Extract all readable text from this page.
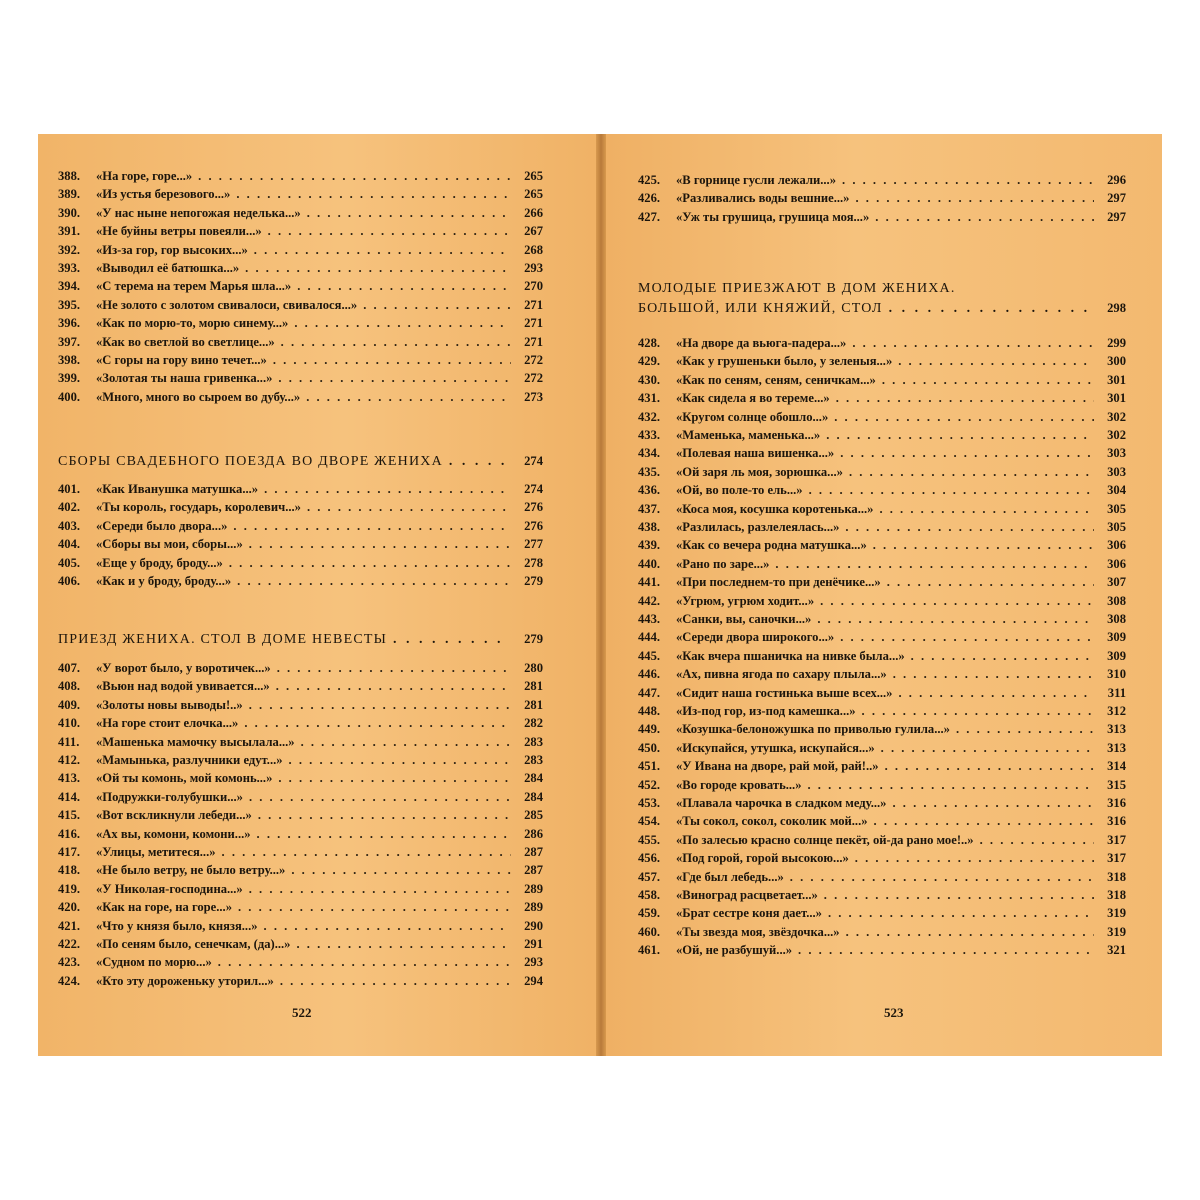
388.	«На горе, горе...» . . .	265
389.	«Из устья березового...» . . .	265
390.	«У нас ныне непогожая неделька...» . . .	266
391.	«Не буйны ветры повеяли...» . . .	267
392.	«Из-за гор, гор высоких...» . . .	268
393.	«Выводил её батюшка...» . . .	293
394.	«С терема на терем Марья шла...» . . .	270
395.	«Не золото с золотом свивалоси, свивалося...» . . .	271
396.	«Как по морю-то, морю синему...» . . .	271
397.	«Как во светлой во светлице...» . . .	271
398.	«С горы на гору вино течет...» . . .	272
399.	«Золотая ты наша гривенка...» . . .	272
400.	«Много, много во сыроем во дубу...» . . .	273
СБОРЫ СВАДЕБНОГО ПОЕЗДА ВО ДВОРЕ ЖЕНИХА . . .	274
401.	«Как Иванушка матушка...» . . .	274
402.	«Ты король, государь, королевич...» . . .	276
403.	«Середи было двора...» . . .	276
404.	«Сборы вы мои, сборы...» . . .	277
405.	«Еще у броду, броду...» . . .	278
406.	«Как и у броду, броду...» . . .	279
ПРИЕЗД ЖЕНИХА. СТОЛ В ДОМЕ НЕВЕСТЫ . . .	279
407.	«У ворот было, у воротичек...» . . .	280
408.	«Вьюн над водой увивается...» . . .	281
409.	«Золоты новы выводы!..» . . .	281
410.	«На горе стоит елочка...» . . .	282
411.	«Машенька мамочку высылала...» . . .	283
412.	«Мамынька, разлучники едут...» . . .	283
413.	«Ой ты комонь, мой комонь...» . . .	284
414.	«Подружки-голубушки...» . . .	284
415.	«Вот вскликнули лебеди...» . . .	285
416.	«Ах вы, комони, комони...» . . .	286
417.	«Улицы, метитеся...» . . .	287
418.	«Не было ветру, не было ветру...» . . .	287
419.	«У Николая-господина...» . . .	289
420.	«Как на горе, на горе...» . . .	289
421.	«Что у князя было, князя...» . . .	290
422.	«По сеням было, сенечкам, (да)...» . . .	291
423.	«Судном по морю...» . . .	293
424.	«Кто эту дороженьку уторил...» . . .	294
522
425.	«В горнице гусли лежали...» . . .	296
426.	«Разливались воды вешние...» . . .	297
427.	«Уж ты грушица, грушица моя...» . . .	297
МОЛОДЫЕ ПРИЕЗЖАЮТ В ДОМ ЖЕНИХА.
БОЛЬШОЙ, ИЛИ КНЯЖИЙ, СТОЛ . . .	298
428.	«На дворе да вьюга-падера...» . . .	299
429.	«Как у грушеньки было, у зеленыя...» . . .	300
430.	«Как по сеням, сеням, сеничкам...» . . .	301
431.	«Как сидела я во тереме...» . . .	301
432.	«Кругом солнце обошло...» . . .	302
433.	«Маменька, маменька...» . . .	302
434.	«Полевая наша вишенка...» . . .	303
435.	«Ой заря ль моя, зорюшка...» . . .	303
436.	«Ой, во поле-то ель...» . . .	304
437.	«Коса моя, косушка коротенька...» . . .	305
438.	«Разлилась, разлелеялась...» . . .	305
439.	«Как со вечера родна матушка...» . . .	306
440.	«Рано по заре...» . . .	306
441.	«При последнем-то при денёчике...» . . .	307
442.	«Угрюм, угрюм ходит...» . . .	308
443.	«Санки, вы, саночки...» . . .	308
444.	«Середи двора широкого...» . . .	309
445.	«Как вчера пшаничка на нивке была...» . . .	309
446.	«Ах, пивна ягода по сахару плыла...» . . .	310
447.	«Сидит наша гостинька выше всех...» . . .	311
448.	«Из-под гор, из-под камешка...» . . .	312
449.	«Козушка-белоножушка по приволью гулила...» . . .	313
450.	«Искупайся, утушка, искупайся...» . . .	313
451.	«У Ивана на дворе, рай мой, рай!..» . . .	314
452.	«Во городе кровать...» . . .	315
453.	«Плавала чарочка в сладком меду...» . . .	316
454.	«Ты сокол, сокол, соколик мой...» . . .	316
455.	«По залесью красно солнце пекёт, ой-да рано мое!..» . . .	317
456.	«Под горой, горой высокою...» . . .	317
457.	«Где был лебедь...» . . .	318
458.	«Виноград расцветает...» . . .	318
459.	«Брат сестре коня дает...» . . .	319
460.	«Ты звезда моя, звёздочка...» . . .	319
461.	«Ой, не разбушуй...» . . .	321
523
